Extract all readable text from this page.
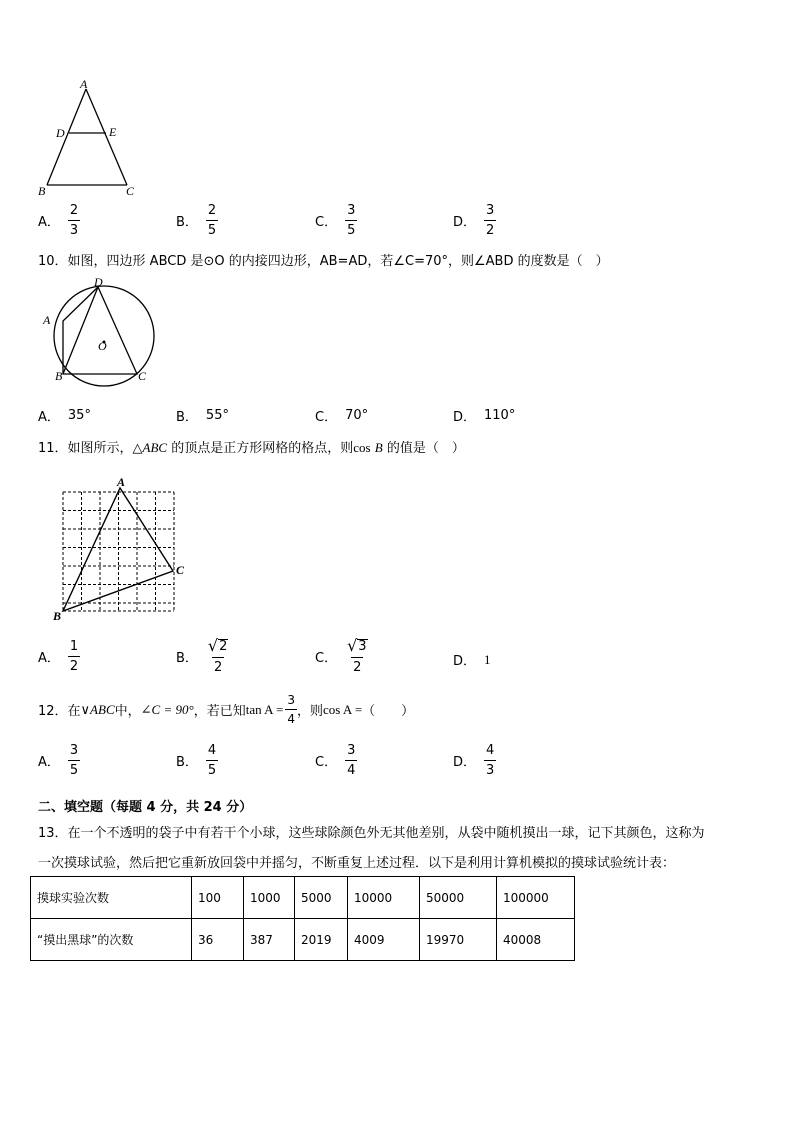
A
D	E
B	C
A． $\frac{2}{3}$	B． $\frac{2}{5}$	C． $\frac{3}{5}$	D． $\frac{3}{2}$
10．如图，四边形 ABCD 是⊙O 的内接四边形，AB=AD，若∠C=70°，则∠ABD 的度数是（　）
D
A
O
B	C
A． 35°	B． 55°	C． 70°	D． 110°
11．如图所示，△ABC 的顶点是正方形网格的格点，则cos B 的值是（　）
A
B
C
A． $\frac{1}{2}$	B． $\frac{√ 2}{2}$	C． $\frac{√ 3}{2}$	D． 1
12．在 ∨ABC 中， ∠C = 90° ，若已知 $\tan A = \frac{3}{4}$ ，则 cos A = （　　）
A． $\frac{3}{5}$	B． $\frac{4}{5}$	C． $\frac{3}{4}$	D． $\frac{4}{3}$
二、填空题（每题 4 分，共 24 分）
13．在一个不透明的袋子中有若干个小球，这些球除颜色外无其他差别，从袋中随机摸出一球，记下其颜色，这称为
一次摸球试验，然后把它重新放回袋中并摇匀，不断重复上述过程．以下是利用计算机模拟的摸球试验统计表：
摸球实验次数	100	1000	5000	10000	50000	100000
“摸出黑球”的次数	36	387	2019	4009	19970	40008
